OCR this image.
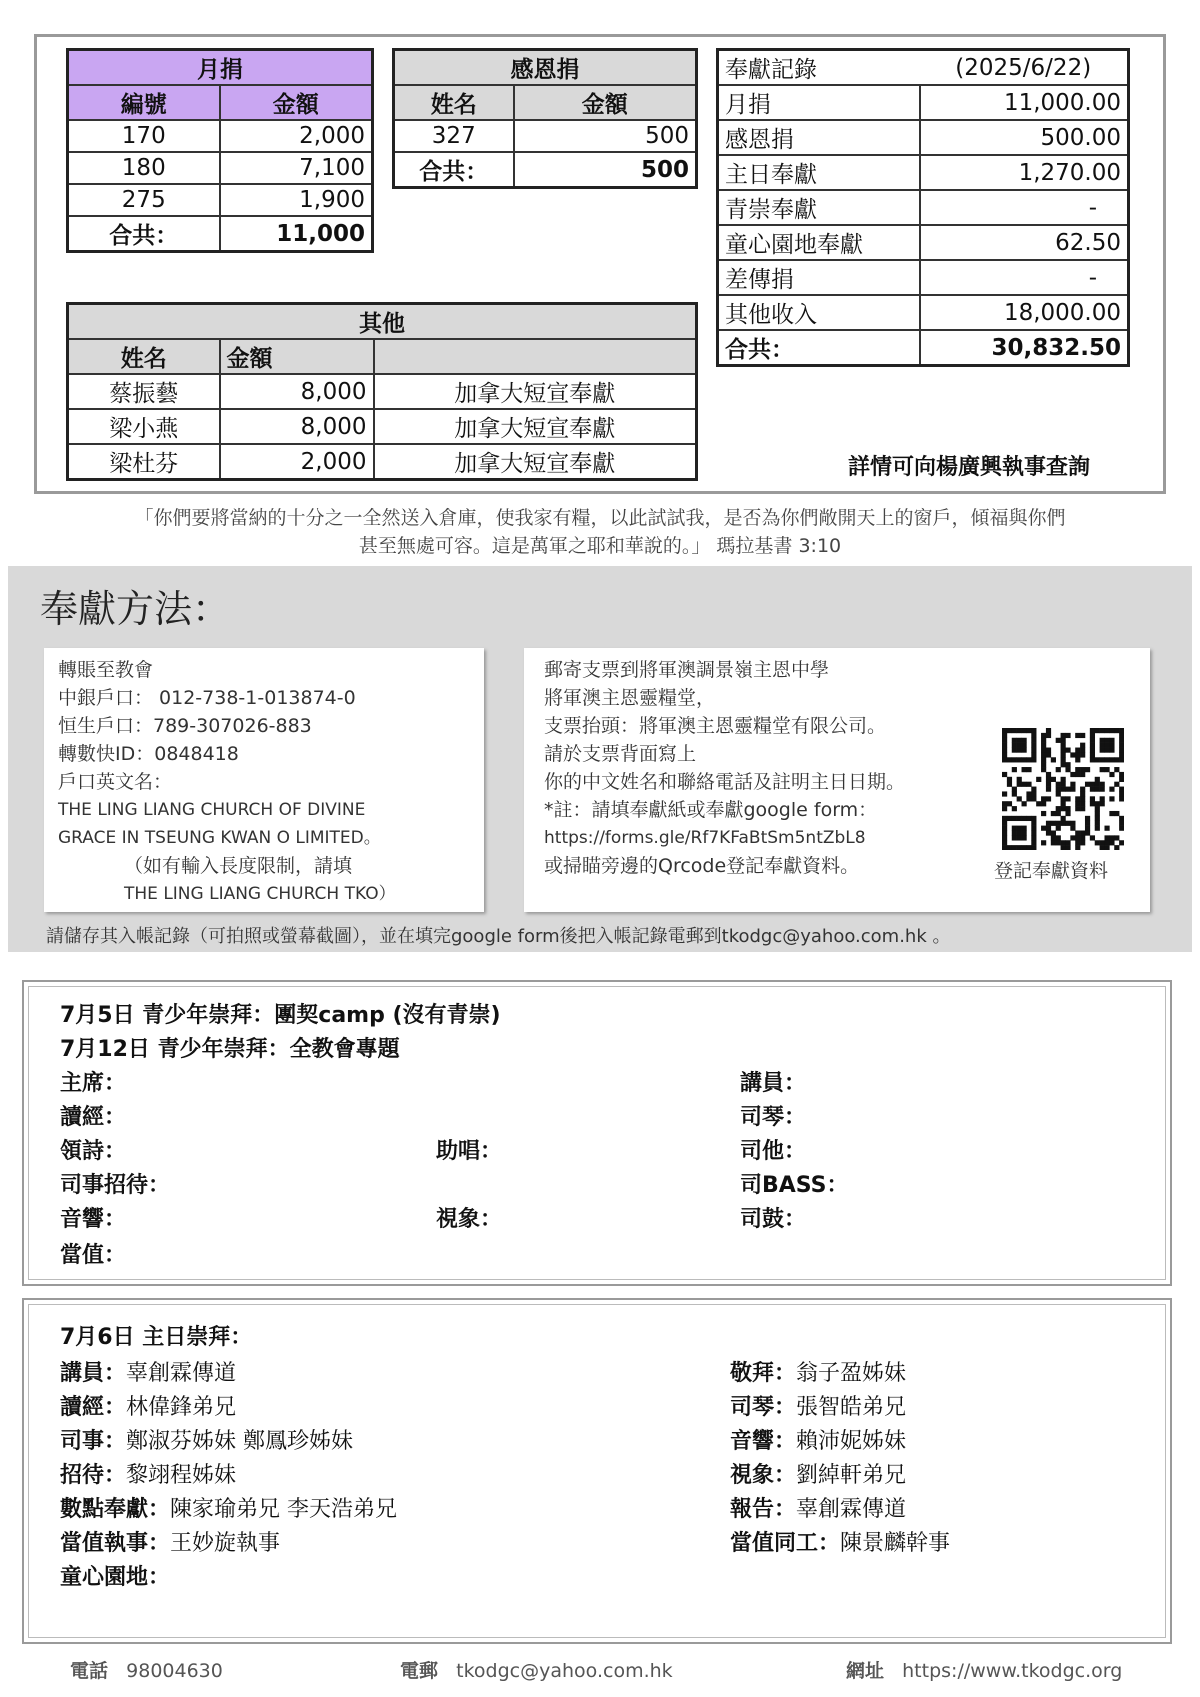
月捐	
編號	金額
170	2,000
180	7,100
275	1,900
合共：	11,000
感恩捐	
姓名	金額
327	500
合共：	500
其他		
姓名	金額	
蔡振藝	8,000	加拿大短宣奉獻
梁小燕	8,000	加拿大短宣奉獻
梁杜芬	2,000	加拿大短宣奉獻
奉獻記錄	(2025/6/22)
月捐	11,000.00
感恩捐	500.00
主日奉獻	1,270.00
青崇奉獻	-
童心園地奉獻	62.50
差傳捐	-
其他收入	18,000.00
合共：	30,832.50
詳情可向楊廣興執事查詢
「你們要將當納的十分之一全然送入倉庫，使我家有糧，以此試試我，是否為你們敞開天上的窗戶，傾福與你們
甚至無處可容。這是萬軍之耶和華說的。」 瑪拉基書 3:10
奉獻方法：
轉賬至教會
中銀戶口： 012-738-1-013874-0
恒生戶口：789-307026-883
轉數快ID：0848418
戶口英文名：
THE LING LIANG CHURCH OF DIVINE
GRACE IN TSEUNG KWAN O LIMITED。
（如有輸入長度限制，請填
THE LING LIANG CHURCH TKO）
郵寄支票到將軍澳調景嶺主恩中學
將軍澳主恩靈糧堂，
支票抬頭：將軍澳主恩靈糧堂有限公司。
請於支票背面寫上
你的中文姓名和聯絡電話及註明主日日期。
*註：請填奉獻紙或奉獻google form：
https://forms.gle/Rf7KFaBtSm5ntZbL8
或掃瞄旁邊的Qrcode登記奉獻資料。	登記奉獻資料
請儲存其入帳記錄（可拍照或螢幕截圖），並在填完google form後把入帳記錄電郵到tkodgc@yahoo.com.hk 。
7月5日 青少年崇拜：團契camp (沒有青崇)
7月12日 青少年崇拜：全教會專題
主席：
讀經：
領詩：
司事招待：
音響：
當值：
助唱：
視象：
講員：
司琴：
司他：
司BASS：
司鼓：
7月6日 主日崇拜：
講員：辜創霖傳道
讀經：林偉鋒弟兄
司事：鄭淑芬姊妹 鄭鳳珍姊妹
招待：黎翊程姊妹
數點奉獻：陳家瑜弟兄 李天浩弟兄
當值執事：王妙旋執事
童心園地：
敬拜：翁子盈姊妹
司琴：張智皓弟兄
音響：賴沛妮姊妹
視象：劉綽軒弟兄
報告：辜創霖傳道
當值同工：陳景麟幹事
電話 98004630	電郵 tkodgc@yahoo.com.hk	網址 https://www.tkodgc.org
